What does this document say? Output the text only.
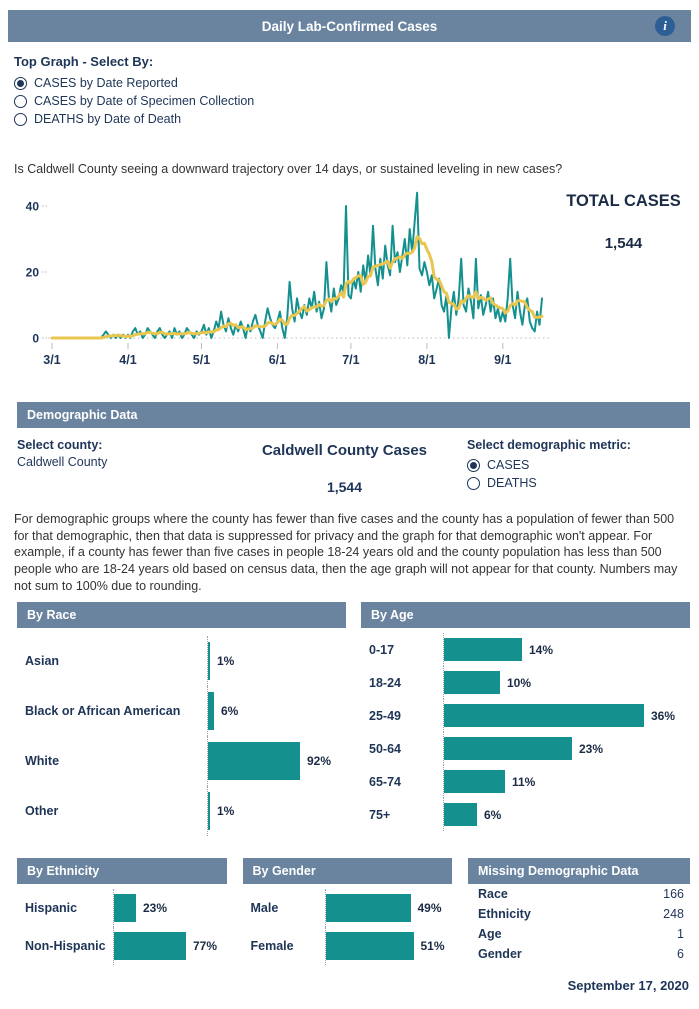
Daily Lab-Confirmed Cases	i
Top Graph - Select By:
CASES by Date Reported
CASES by Date of Specimen Collection
DEATHS by Date of Death
Is Caldwell County seeing a downward trajectory over 14 days, or sustained leveling in new cases?
0
20
40
3/1	4/1	5/1	6/1	7/1	8/1	9/1
TOTAL CASES
1,544
Demographic Data
Select county:
Caldwell County
Caldwell County Cases
1,544
Select demographic metric:
CASES
DEATHS
For demographic groups where the county has fewer than five cases and the county has a population of fewer than 500 for that demographic, then that data is suppressed for privacy and the graph for that demographic won't appear. For example, if a county has fewer than five cases in people 18-24 years old and the county population has less than 500 people who are 18-24 years old based on census data, then the age graph will not appear for that county. Numbers may not sum to 100% due to rounding.
By Race
Asian	1%
Black or African American	6%
White	92%
Other	1%
By Age
0-17	14%
18-24	10%
25-49	36%
50-64	23%
65-74	11%
75+	6%
By Ethnicity
Hispanic	23%
Non-Hispanic	77%
By Gender
Male	49%
Female	51%
Missing Demographic Data
Race	166
Ethnicity	248
Age	1
Gender	6
September 17, 2020
